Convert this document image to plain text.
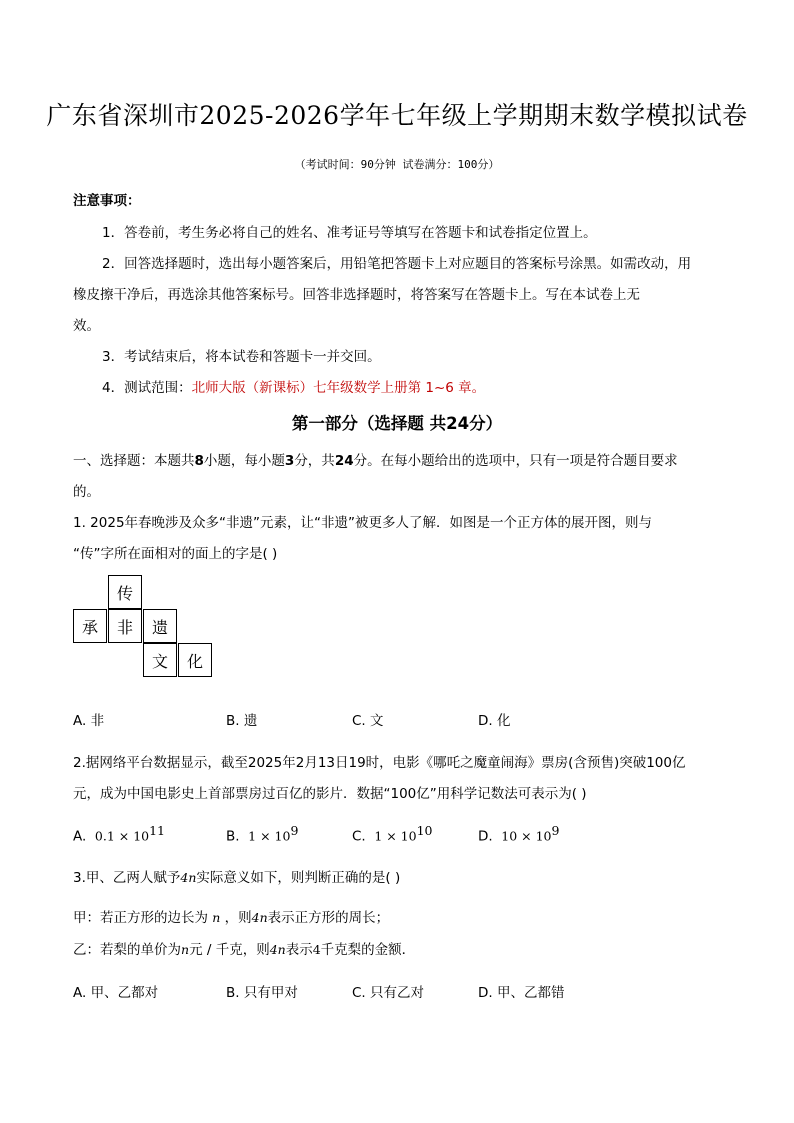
广东省深圳市2025-2026学年七年级上学期期末数学模拟试卷
（考试时间：90分钟 试卷满分：100分）
注意事项：
1．答卷前，考生务必将自己的姓名、准考证号等填写在答题卡和试卷指定位置上。
2．回答选择题时，选出每小题答案后，用铅笔把答题卡上对应题目的答案标号涂黑。如需改动，用
橡皮擦干净后，再选涂其他答案标号。回答非选择题时，将答案写在答题卡上。写在本试卷上无
效。
3．考试结束后，将本试卷和答题卡一并交回。
4．测试范围：北师大版（新课标）七年级数学上册第 1~6 章。
第一部分（选择题 共24分）
一、选择题：本题共8小题，每小题3分，共24分。在每小题给出的选项中，只有一项是符合题目要求
的。
1. 2025年春晚涉及众多“非遗”元素，让“非遗”被更多人了解．如图是一个正方体的展开图，则与
“传”字所在面相对的面上的字是( )
传
承	非	遗
文	化
A. 非	B. 遗	C. 文	D. 化
2.据网络平台数据显示，截至2025年2月13日19时，电影《哪吒之魔童闹海》票房(含预售)突破100亿
元，成为中国电影史上首部票房过百亿的影片．数据“100亿”用科学记数法可表示为( )
A. $0.1 \times 10^{11}$	B. $1 \times 10^9$	C. $1 \times 10^{10}$	D. $10 \times 10^9$
3.甲、乙两人赋予4n实际意义如下，则判断正确的是( )
甲：若正方形的边长为 n ，则4n表示正方形的周长；
乙：若梨的单价为n元 / 千克，则4n表示4千克梨的金额．
A. 甲、乙都对	B. 只有甲对	C. 只有乙对	D. 甲、乙都错
